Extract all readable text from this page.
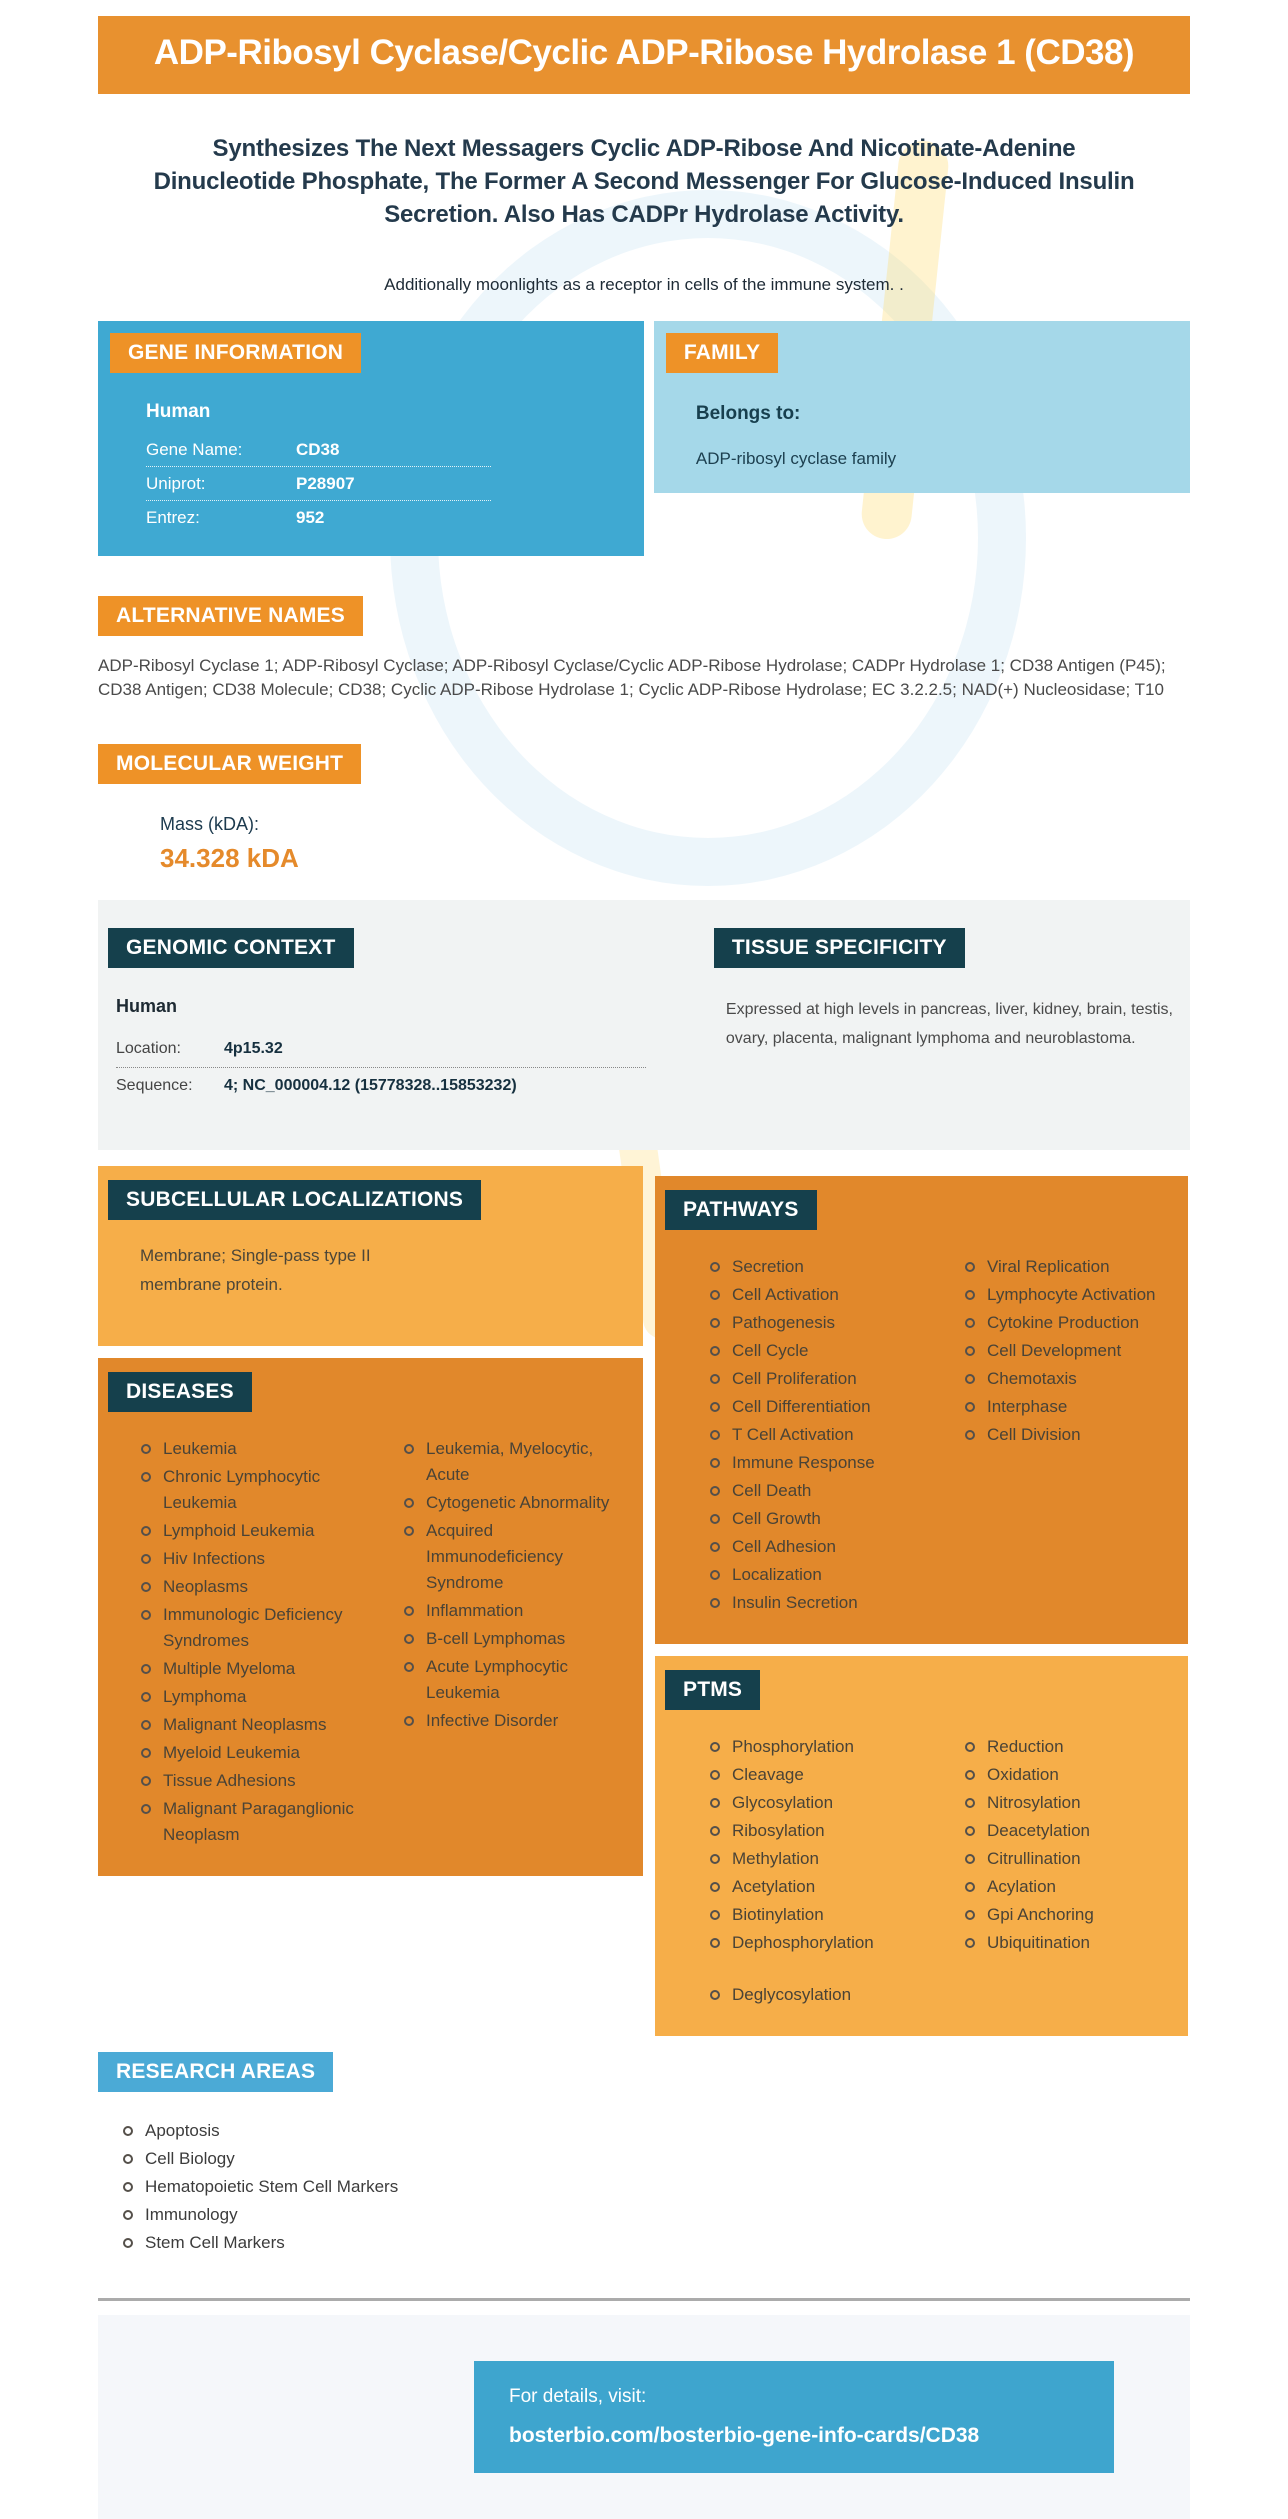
ADP-Ribosyl Cyclase/Cyclic ADP-Ribose Hydrolase 1 (CD38)

Synthesizes The Next Messagers Cyclic ADP-Ribose And Nicotinate-Adenine Dinucleotide Phosphate, The Former A Second Messenger For Glucose-Induced Insulin Secretion. Also Has CADPr Hydrolase Activity.

Additionally moonlights as a receptor in cells of the immune system. .

GENE INFORMATION
Human
Gene Name:	CD38
Uniprot:	P28907
Entrez:	952
FAMILY
Belongs to:
ADP-ribosyl cyclase family
ALTERNATIVE NAMES

ADP-Ribosyl Cyclase 1; ADP-Ribosyl Cyclase; ADP-Ribosyl Cyclase/Cyclic ADP-Ribose Hydrolase; CADPr Hydrolase 1; CD38 Antigen (P45); CD38 Antigen; CD38 Molecule; CD38; Cyclic ADP-Ribose Hydrolase 1; Cyclic ADP-Ribose Hydrolase; EC 3.2.2.5; NAD(+) Nucleosidase; T10

MOLECULAR WEIGHT
Mass (kDA):
34.328 kDA
GENOMIC CONTEXT
Human
Location:	4p15.32
Sequence:	4; NC_000004.12 (15778328..15853232)
TISSUE SPECIFICITY

Expressed at high levels in pancreas, liver, kidney, brain, testis, ovary, placenta, malignant lymphoma and neuroblastoma.

SUBCELLULAR LOCALIZATIONS

Membrane; Single-pass type II membrane protein.

DISEASES
Leukemia
Chronic Lymphocytic Leukemia
Lymphoid Leukemia
Hiv Infections
Neoplasms
Immunologic Deficiency Syndromes
Multiple Myeloma
Lymphoma
Malignant Neoplasms
Myeloid Leukemia
Tissue Adhesions
Malignant Paraganglionic Neoplasm
Leukemia, Myelocytic, Acute
Cytogenetic Abnormality
Acquired Immunodeficiency Syndrome
Inflammation
B-cell Lymphomas
Acute Lymphocytic Leukemia
Infective Disorder
PATHWAYS
Secretion
Cell Activation
Pathogenesis
Cell Cycle
Cell Proliferation
Cell Differentiation
T Cell Activation
Immune Response
Cell Death
Cell Growth
Cell Adhesion
Localization
Insulin Secretion
Viral Replication
Lymphocyte Activation
Cytokine Production
Cell Development
Chemotaxis
Interphase
Cell Division
PTMS
Phosphorylation
Cleavage
Glycosylation
Ribosylation
Methylation
Acetylation
Biotinylation
Dephosphorylation
Deglycosylation
Reduction
Oxidation
Nitrosylation
Deacetylation
Citrullination
Acylation
Gpi Anchoring
Ubiquitination
RESEARCH AREAS
Apoptosis
Cell Biology
Hematopoietic Stem Cell Markers
Immunology
Stem Cell Markers
For details, visit:
bosterbio.com/bosterbio-gene-info-cards/CD38
